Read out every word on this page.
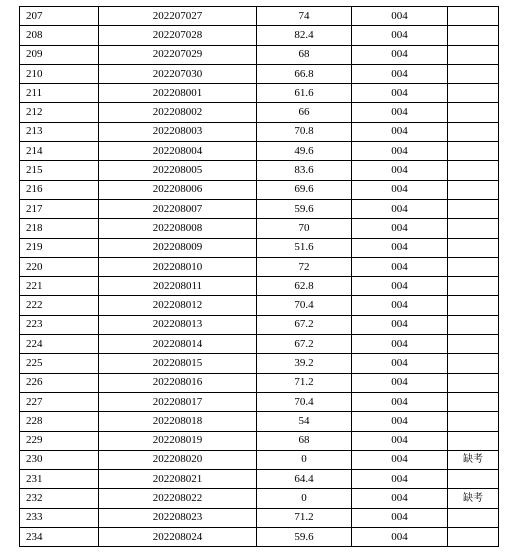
207	202207027	74	004	
208	202207028	82.4	004	
209	202207029	68	004	
210	202207030	66.8	004	
211	202208001	61.6	004	
212	202208002	66	004	
213	202208003	70.8	004	
214	202208004	49.6	004	
215	202208005	83.6	004	
216	202208006	69.6	004	
217	202208007	59.6	004	
218	202208008	70	004	
219	202208009	51.6	004	
220	202208010	72	004	
221	202208011	62.8	004	
222	202208012	70.4	004	
223	202208013	67.2	004	
224	202208014	67.2	004	
225	202208015	39.2	004	
226	202208016	71.2	004	
227	202208017	70.4	004	
228	202208018	54	004	
229	202208019	68	004	
230	202208020	0	004	缺考
231	202208021	64.4	004	
232	202208022	0	004	缺考
233	202208023	71.2	004	
234	202208024	59.6	004	
